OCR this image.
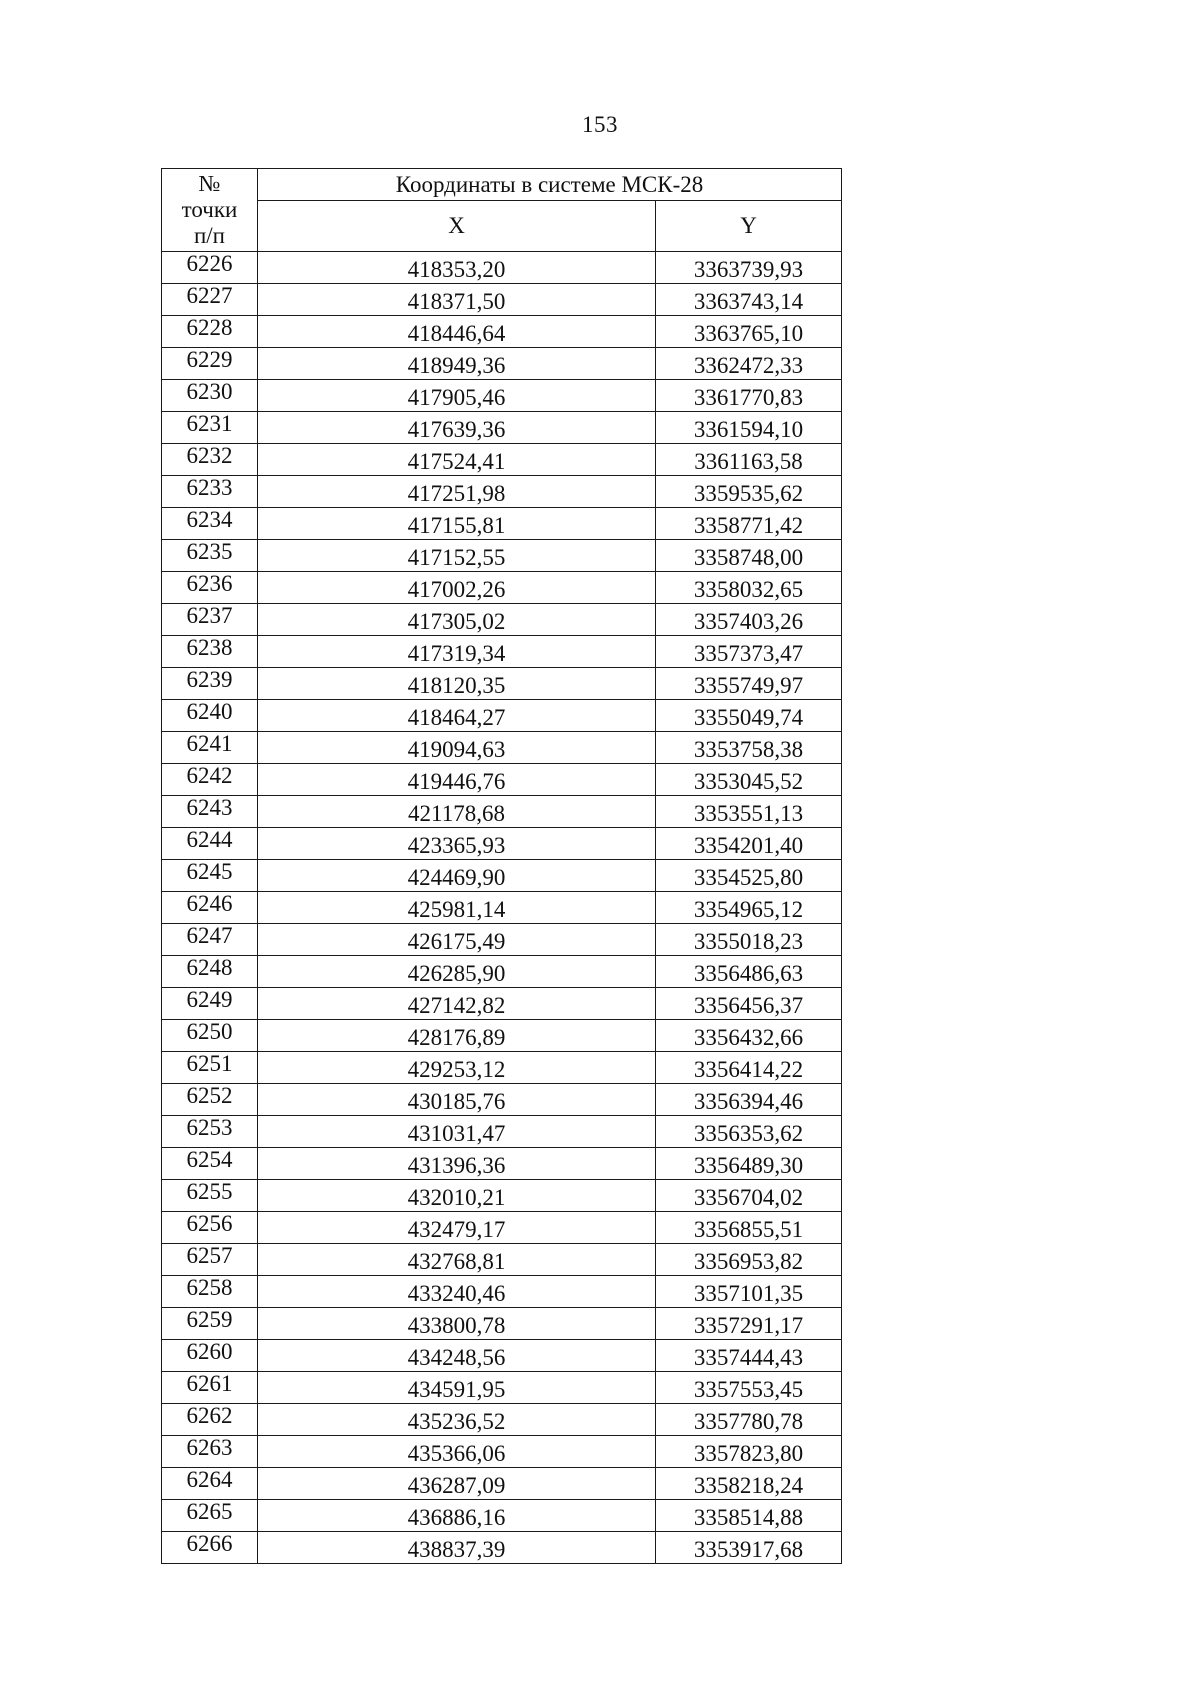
153
№
точки
п/п	Координаты в системе МСК-28	
	X	Y
6226	418353,20	3363739,93
6227	418371,50	3363743,14
6228	418446,64	3363765,10
6229	418949,36	3362472,33
6230	417905,46	3361770,83
6231	417639,36	3361594,10
6232	417524,41	3361163,58
6233	417251,98	3359535,62
6234	417155,81	3358771,42
6235	417152,55	3358748,00
6236	417002,26	3358032,65
6237	417305,02	3357403,26
6238	417319,34	3357373,47
6239	418120,35	3355749,97
6240	418464,27	3355049,74
6241	419094,63	3353758,38
6242	419446,76	3353045,52
6243	421178,68	3353551,13
6244	423365,93	3354201,40
6245	424469,90	3354525,80
6246	425981,14	3354965,12
6247	426175,49	3355018,23
6248	426285,90	3356486,63
6249	427142,82	3356456,37
6250	428176,89	3356432,66
6251	429253,12	3356414,22
6252	430185,76	3356394,46
6253	431031,47	3356353,62
6254	431396,36	3356489,30
6255	432010,21	3356704,02
6256	432479,17	3356855,51
6257	432768,81	3356953,82
6258	433240,46	3357101,35
6259	433800,78	3357291,17
6260	434248,56	3357444,43
6261	434591,95	3357553,45
6262	435236,52	3357780,78
6263	435366,06	3357823,80
6264	436287,09	3358218,24
6265	436886,16	3358514,88
6266	438837,39	3353917,68
